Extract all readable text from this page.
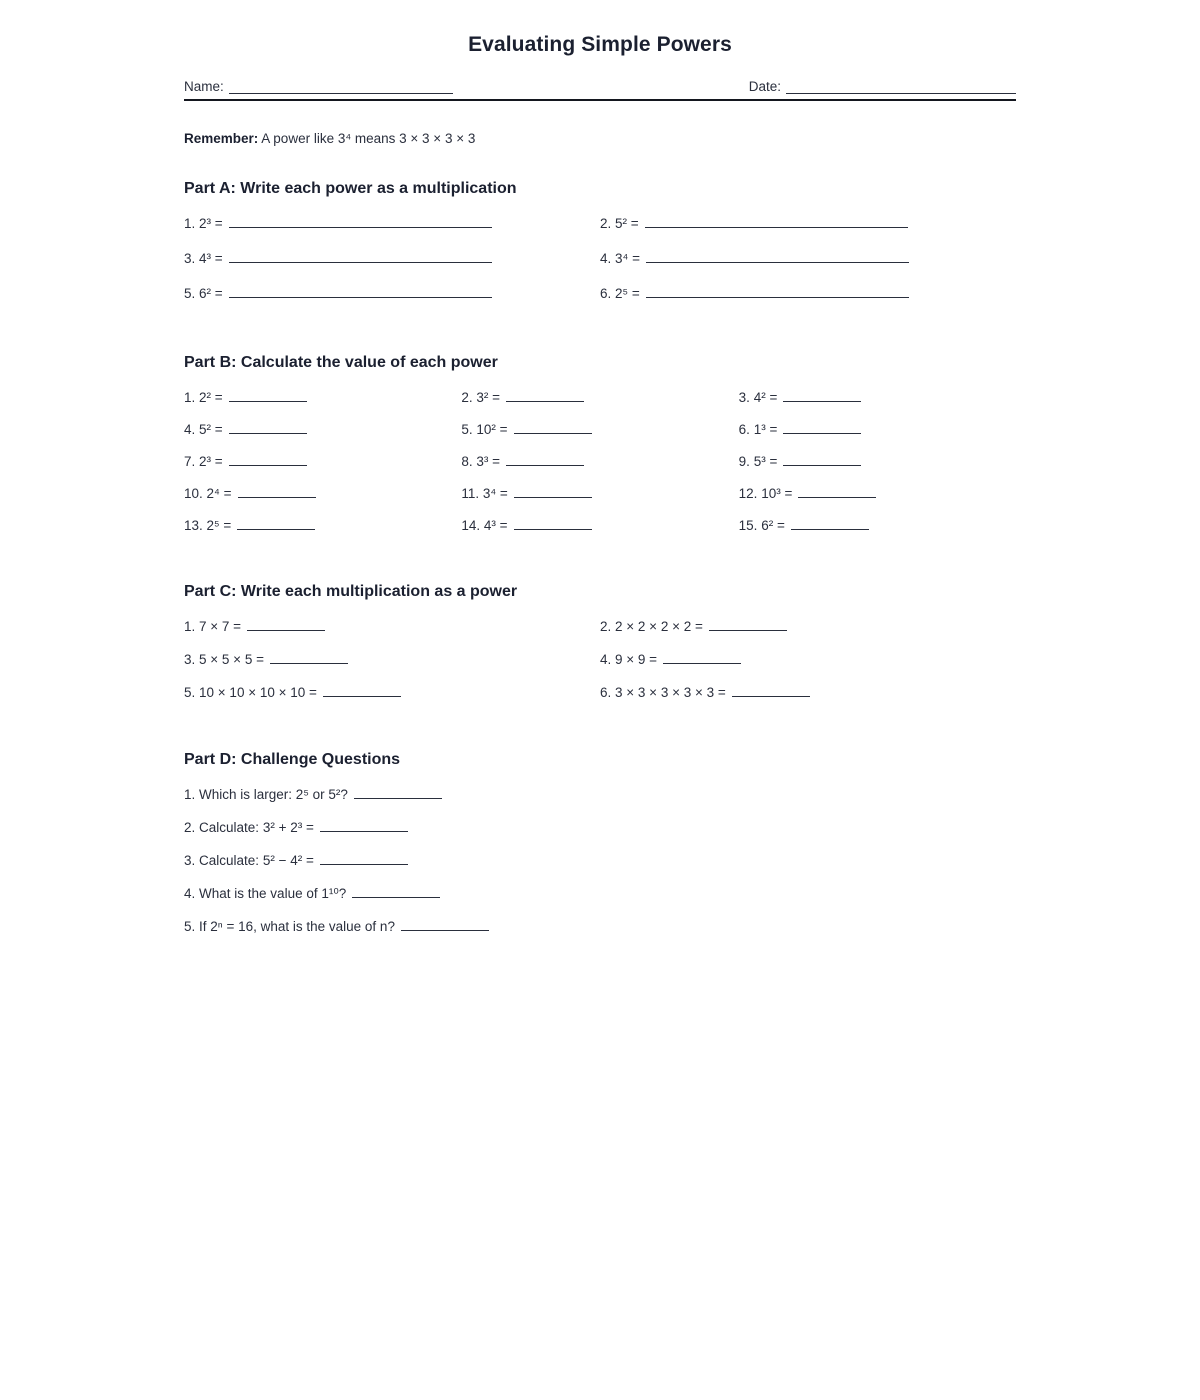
Evaluating Simple Powers
Name:	Date:

Remember: A power like 3⁴ means 3 × 3 × 3 × 3

Part A: Write each power as a multiplication
1.
2³ =	2.
5² =
3.
4³ =	4.
3⁴ =
5.
6² =	6.
2⁵ =
Part B: Calculate the value of each power
1.
2² =	2.
3² =	3.
4² =
4.
5² =	5.
10² =	6.
1³ =
7.
2³ =	8.
3³ =	9.
5³ =
10.
2⁴ =	11.
3⁴ =	12.
10³ =
13.
2⁵ =	14.
4³ =	15.
6² =
Part C: Write each multiplication as a power
1.
7 × 7 =	2.
2 × 2 × 2 × 2 =
3.
5 × 5 × 5 =	4.
9 × 9 =
5.
10 × 10 × 10 × 10 =	6.
3 × 3 × 3 × 3 × 3 =
Part D: Challenge Questions
1.
Which is larger: 2⁵ or 5²?
2.
Calculate: 3² + 2³ =
3.
Calculate: 5² − 4² =
4.
What is the value of 1¹⁰?
5.
If 2ⁿ = 16, what is the value of n?
